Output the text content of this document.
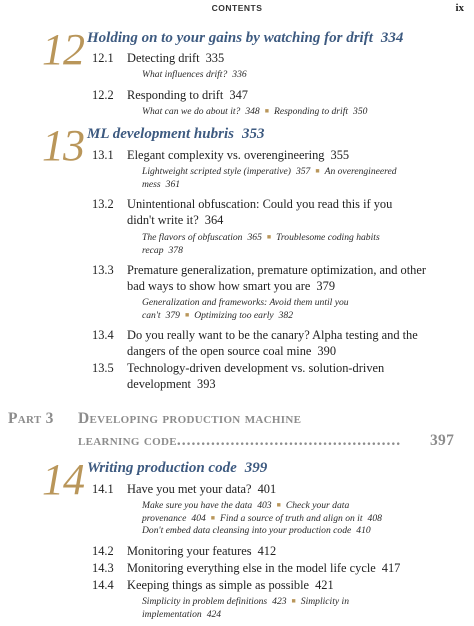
CONTENTS	ix
12 Holding on to your gains by watching for drift 334
12.1	Detecting drift 335
What influences drift? 336
12.2	Responding to drift 347
What can we do about it? 348 ■ Responding to drift 350
13 ML development hubris 353
13.1	Elegant complexity vs. overengineering 355
Lightweight scripted style (imperative) 357 ■ An overengineered mess 361
13.2	Unintentional obfuscation: Could you read this if you didn't write it? 364
The flavors of obfuscation 365 ■ Troublesome coding habits recap 378
13.3	Premature generalization, premature optimization, and other bad ways to show how smart you are 379
Generalization and frameworks: Avoid them until you can't 379 ■ Optimizing too early 382
13.4	Do you really want to be the canary? Alpha testing and the dangers of the open source coal mine 390
13.5	Technology-driven development vs. solution-driven development 393
Part 3 Developing production machine
learning code.............................................. 397
14 Writing production code 399
14.1	Have you met your data? 401
Make sure you have the data 403 ■ Check your data provenance 404 ■ Find a source of truth and align on it 408
Don't embed data cleansing into your production code 410
14.2	Monitoring your features 412
14.3	Monitoring everything else in the model life cycle 417
14.4	Keeping things as simple as possible 421
Simplicity in problem definitions 423 ■ Simplicity in implementation 424
